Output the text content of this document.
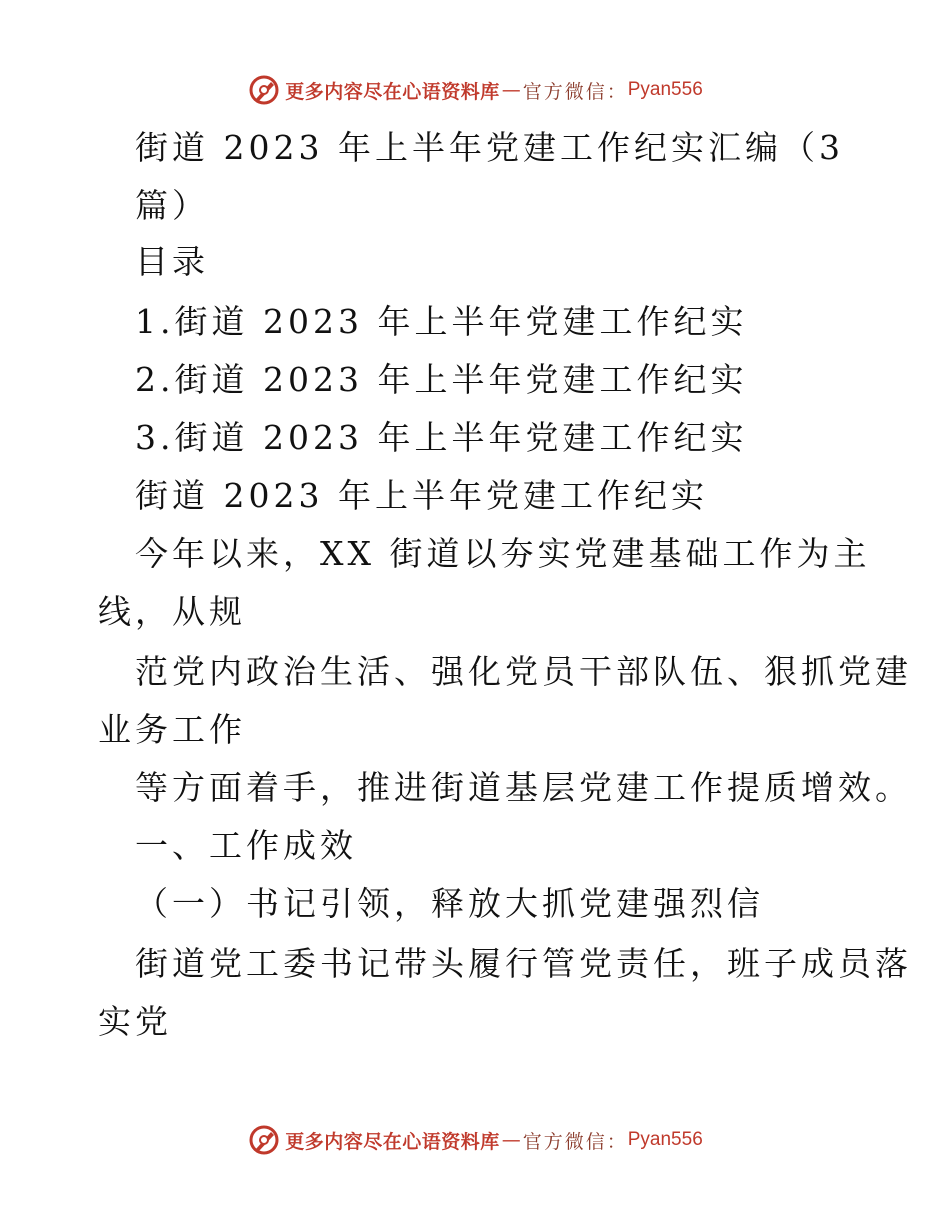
更多内容尽在心语资料库 — 官方微信： Pyan556
街道 2023 年上半年党建工作纪实汇编（3
篇）
目录
1.街道 2023 年上半年党建工作纪实
2.街道 2023 年上半年党建工作纪实
3.街道 2023 年上半年党建工作纪实
街道 2023 年上半年党建工作纪实
今年以来，XX 街道以夯实党建基础工作为主
线，从规
范党内政治生活、强化党员干部队伍、狠抓党建
业务工作
等方面着手，推进街道基层党建工作提质增效。
一、工作成效
（一）书记引领，释放大抓党建强烈信
街道党工委书记带头履行管党责任，班子成员落
实党
更多内容尽在心语资料库 — 官方微信： Pyan556
